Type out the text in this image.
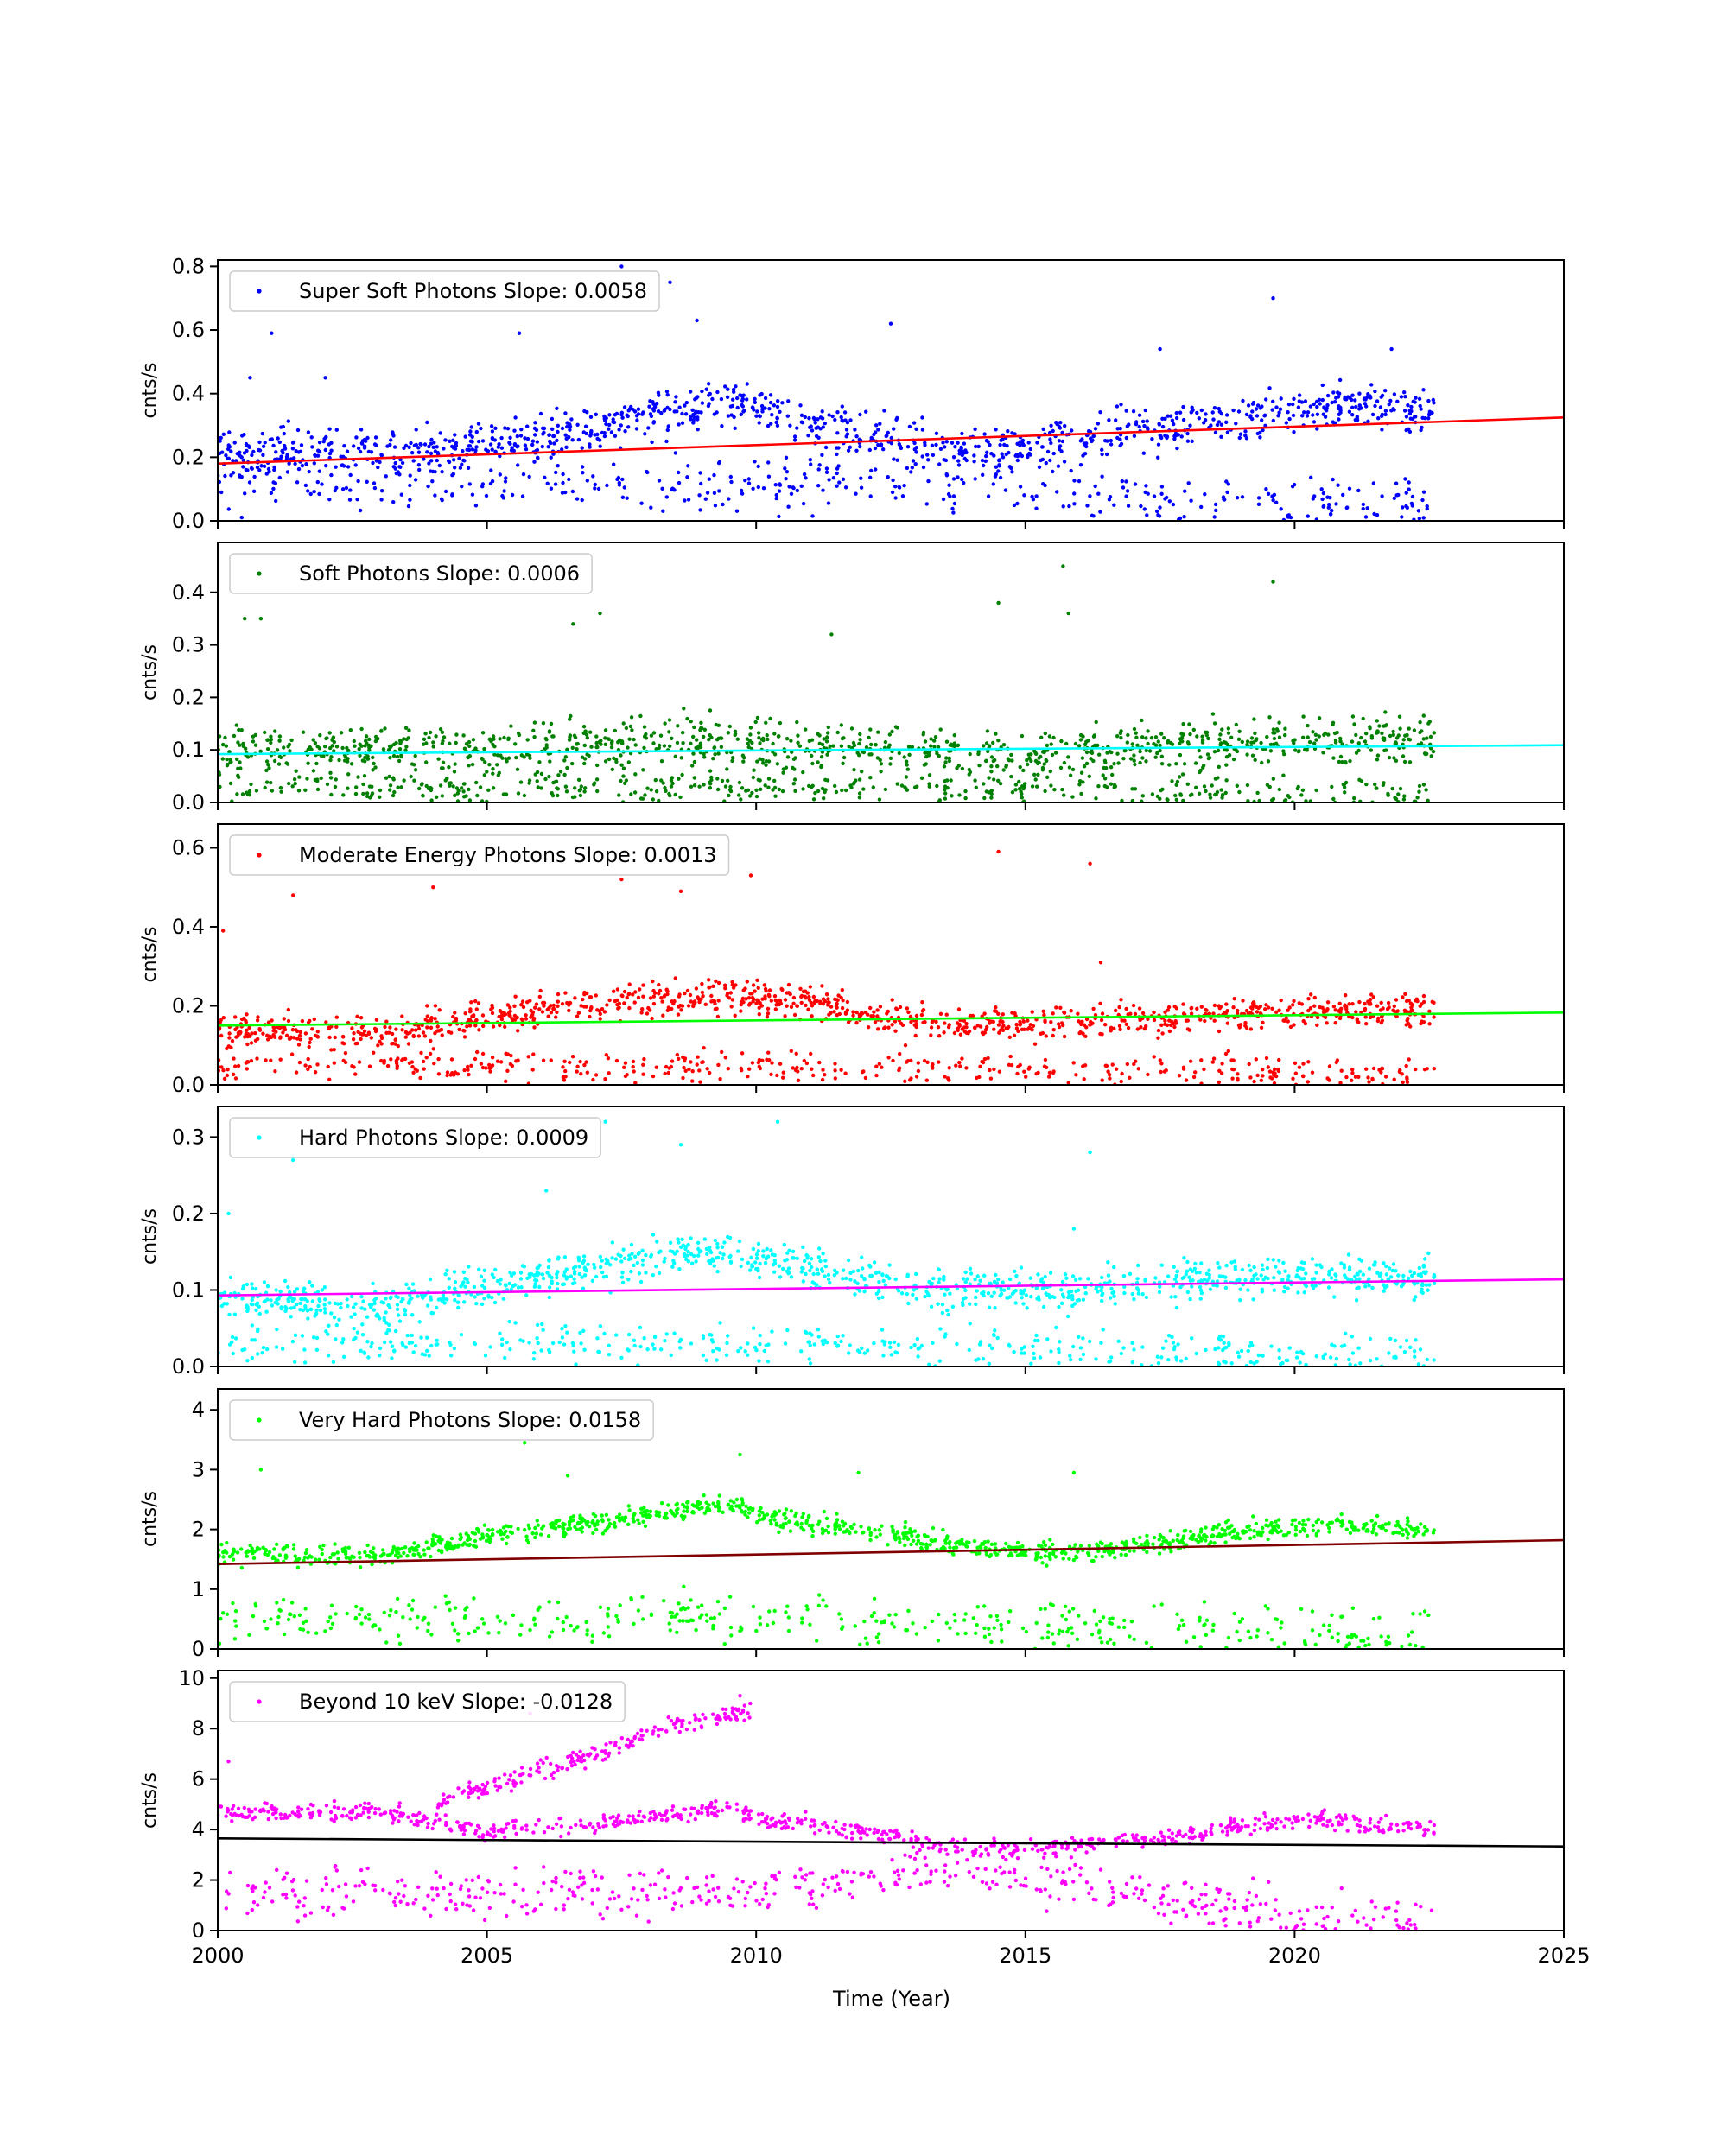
0.0
0.2
0.4
0.6
0.8
cnts/s
Super Soft Photons Slope: 0.0058
0.0
0.1
0.2
0.3
0.4
cnts/s
Soft Photons Slope: 0.0006
0.0
0.2
0.4
0.6
cnts/s
Moderate Energy Photons Slope: 0.0013
0.0
0.1
0.2
0.3
cnts/s
Hard Photons Slope: 0.0009
0
1
2
3
4
cnts/s
Very Hard Photons Slope: 0.0158
0
2
4
6
8
10
2000	2005	2010	2015	2020	2025
cnts/s
Beyond 10 keV Slope: -0.0128
Time (Year)
